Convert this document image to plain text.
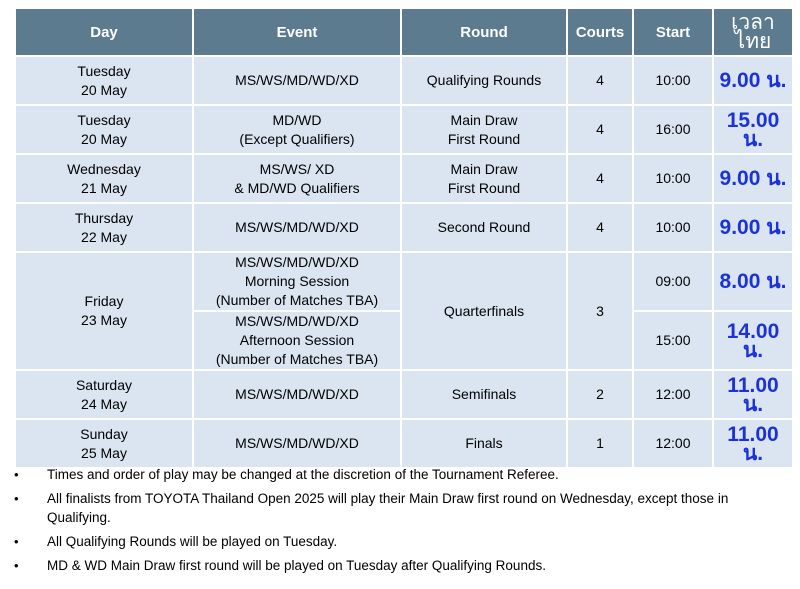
Day	Event	Round	Courts	Start	เวลาไทย

Tuesday
20 May	MS/WS/MD/WD/XD	Qualifying Rounds	4	10:00	9.00 น.

Tuesday
20 May	MD/WD
(Except Qualifiers)	Main Draw
First Round	4	16:00	15.00 น.

Wednesday
21 May	MS/WS/ XD
& MD/WD Qualifiers	Main Draw
First Round	4	10:00	9.00 น.

Thursday
22 May	MS/WS/MD/WD/XD	Second Round	4	10:00	9.00 น.

Friday
23 May	MS/WS/MD/WD/XD
Morning Session
(Number of Matches TBA)	Quarterfinals	3	09:00	8.00 น.

	MS/WS/MD/WD/XD
Afternoon Session
(Number of Matches TBA)			15:00	14.00 น.

Saturday
24 May	MS/WS/MD/WD/XD	Semifinals	2	12:00	11.00 น.

Sunday
25 May	MS/WS/MD/WD/XD	Finals	1	12:00	11.00 น.
• Times and order of play may be changed at the discretion of the Tournament Referee.
• All finalists from TOYOTA Thailand Open 2025 will play their Main Draw first round on Wednesday, except those in
Qualifying.
• All Qualifying Rounds will be played on Tuesday.
• MD & WD Main Draw first round will be played on Tuesday after Qualifying Rounds.
